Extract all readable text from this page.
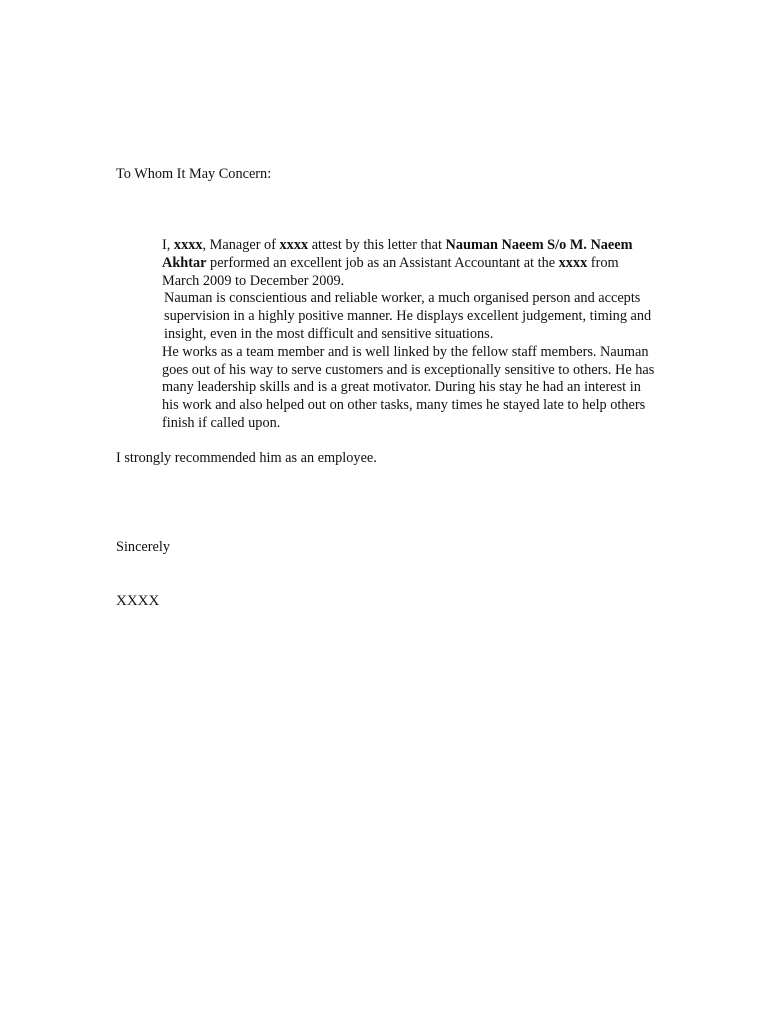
To Whom It May Concern:

I, xxxx, Manager of xxxx attest by this letter that Nauman Naeem S/o M. Naeem Akhtar performed an excellent job as an Assistant Accountant at the xxxx from March 2009 to December 2009.

Nauman is conscientious and reliable worker, a much organised person and accepts supervision in a highly positive manner. He displays excellent judgement, timing and insight, even in the most difficult and sensitive situations.

He works as a team member and is well linked by the fellow staff members. Nauman goes out of his way to serve customers and is exceptionally sensitive to others. He has many leadership skills and is a great motivator. During his stay he had an interest in his work and also helped out on other tasks, many times he stayed late to help others finish if called upon.

I strongly recommended him as an employee.
Sincerely
XXXX
